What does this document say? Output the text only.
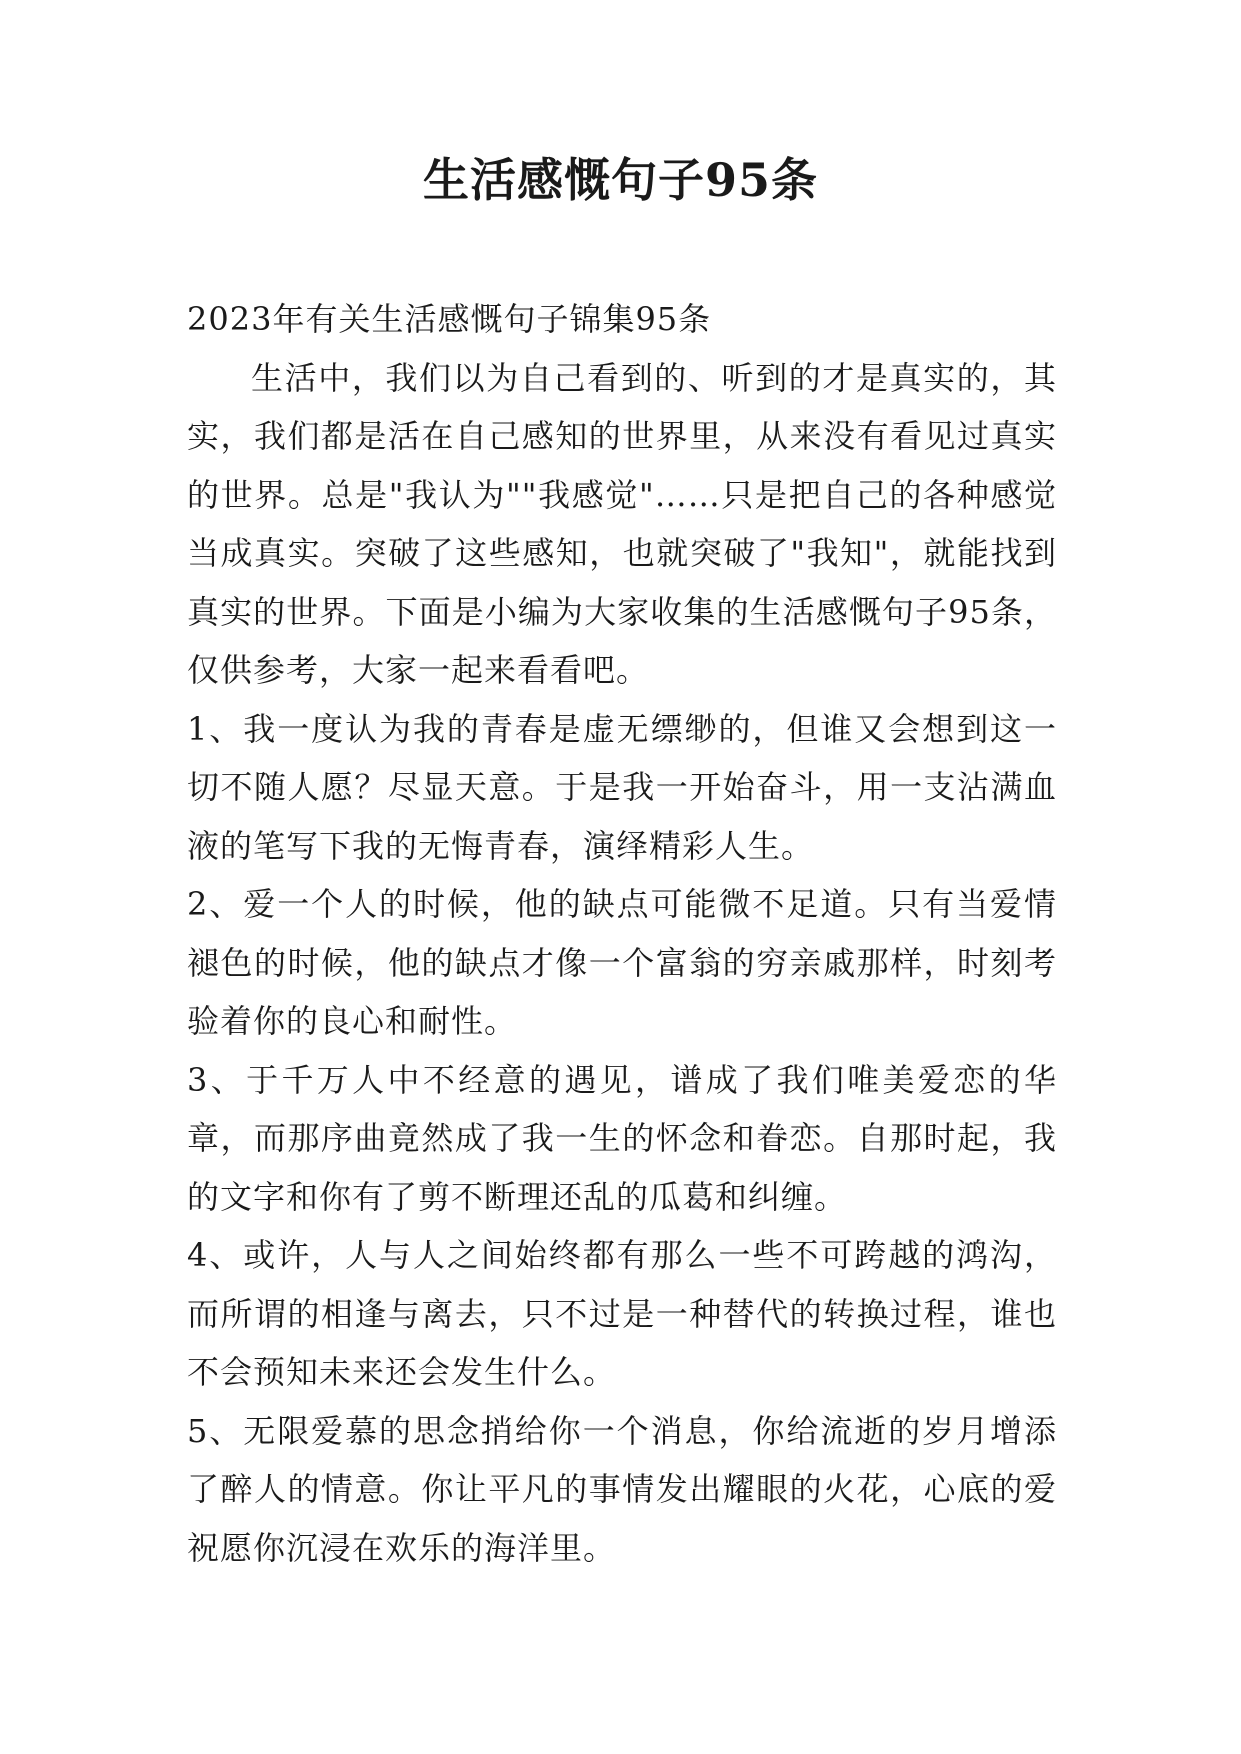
生活感慨句子95条

2023年有关生活感慨句子锦集95条

生活中，我们以为自己看到的、听到的才是真实的，其实，我们都是活在自己感知的世界里，从来没有看见过真实的世界。总是"我认为""我感觉"……只是把自己的各种感觉当成真实。突破了这些感知，也就突破了"我知"，就能找到真实的世界。下面是小编为大家收集的生活感慨句子95条，仅供参考，大家一起来看看吧。

1、我一度认为我的青春是虚无缥缈的，但谁又会想到这一切不随人愿？尽显天意。于是我一开始奋斗，用一支沾满血液的笔写下我的无悔青春，演绎精彩人生。

2、爱一个人的时候，他的缺点可能微不足道。只有当爱情褪色的时候，他的缺点才像一个富翁的穷亲戚那样，时刻考验着你的良心和耐性。

3、于千万人中不经意的遇见，谱成了我们唯美爱恋的华章，而那序曲竟然成了我一生的怀念和眷恋。自那时起，我的文字和你有了剪不断理还乱的瓜葛和纠缠。

4、或许，人与人之间始终都有那么一些不可跨越的鸿沟，而所谓的相逢与离去，只不过是一种替代的转换过程，谁也不会预知未来还会发生什么。

5、无限爱慕的思念捎给你一个消息，你给流逝的岁月增添了醉人的情意。你让平凡的事情发出耀眼的火花，心底的爱祝愿你沉浸在欢乐的海洋里。
